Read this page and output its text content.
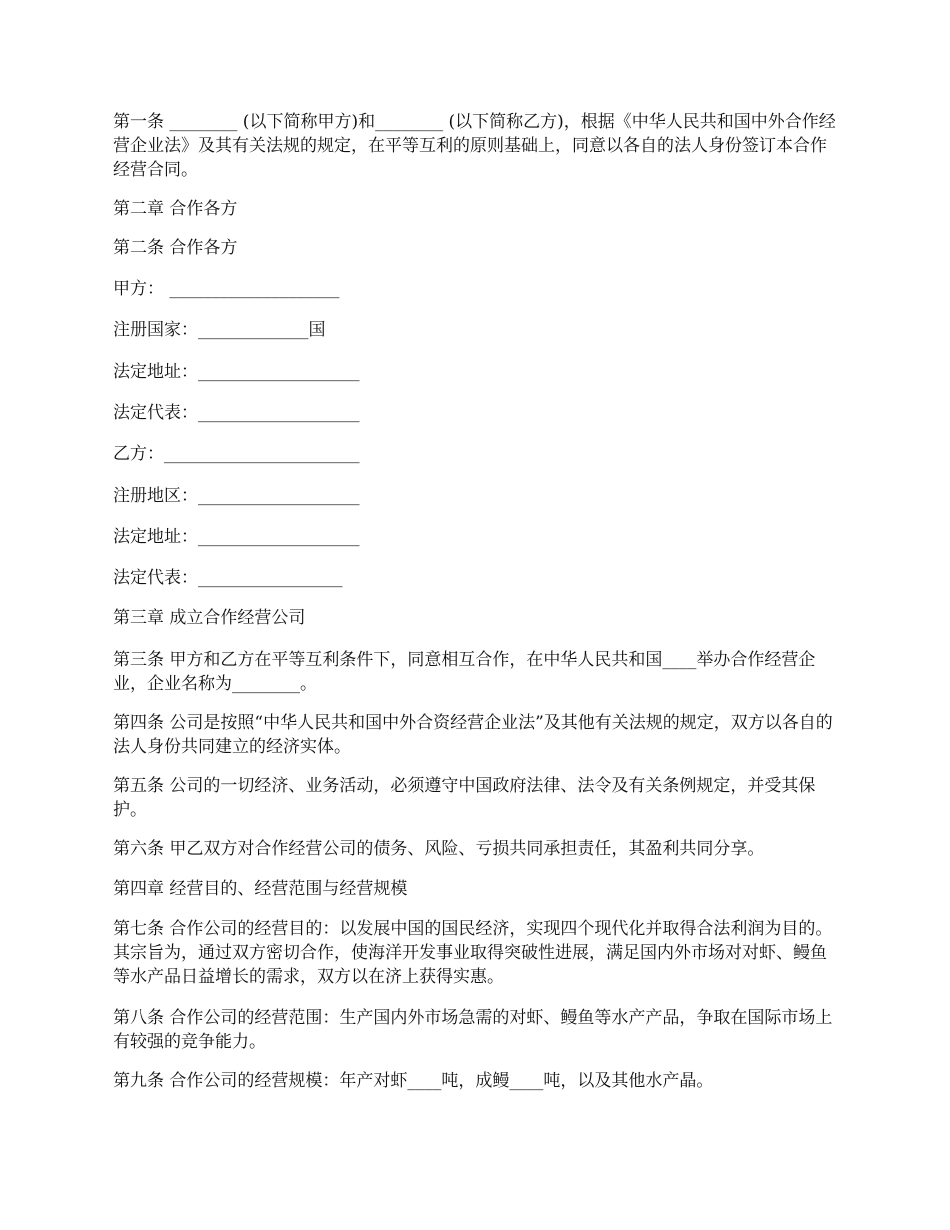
第一条 ________ (以下简称甲方)和________ (以下简称乙方)，根据《中华人民共和国中外合作经营企业法》及其有关法规的规定，在平等互利的原则基础上，同意以各自的法人身份签订本合作经营合同。
第二章 合作各方
第二条 合作各方
甲方： ____________________
注册国家：_____________国
法定地址：___________________
法定代表：___________________
乙方：_______________________
注册地区：___________________
法定地址：___________________
法定代表：_________________
第三章 成立合作经营公司
第三条 甲方和乙方在平等互利条件下，同意相互合作，在中华人民共和国____举办合作经营企业，企业名称为________。
第四条 公司是按照“中华人民共和国中外合资经营企业法”及其他有关法规的规定，双方以各自的法人身份共同建立的经济实体。
第五条 公司的一切经济、业务活动，必须遵守中国政府法律、法令及有关条例规定，并受其保护。
第六条 甲乙双方对合作经营公司的债务、风险、亏损共同承担责任，其盈利共同分享。
第四章 经营目的、经营范围与经营规模
第七条 合作公司的经营目的：以发展中国的国民经济，实现四个现代化并取得合法利润为目的。其宗旨为，通过双方密切合作，使海洋开发事业取得突破性进展，满足国内外市场对对虾、鳗鱼等水产品日益增长的需求，双方以在济上获得实惠。
第八条 合作公司的经营范围：生产国内外市场急需的对虾、鳗鱼等水产产品，争取在国际市场上有较强的竞争能力。
第九条 合作公司的经营规模：年产对虾____吨，成鳗____吨，以及其他水产晶。
